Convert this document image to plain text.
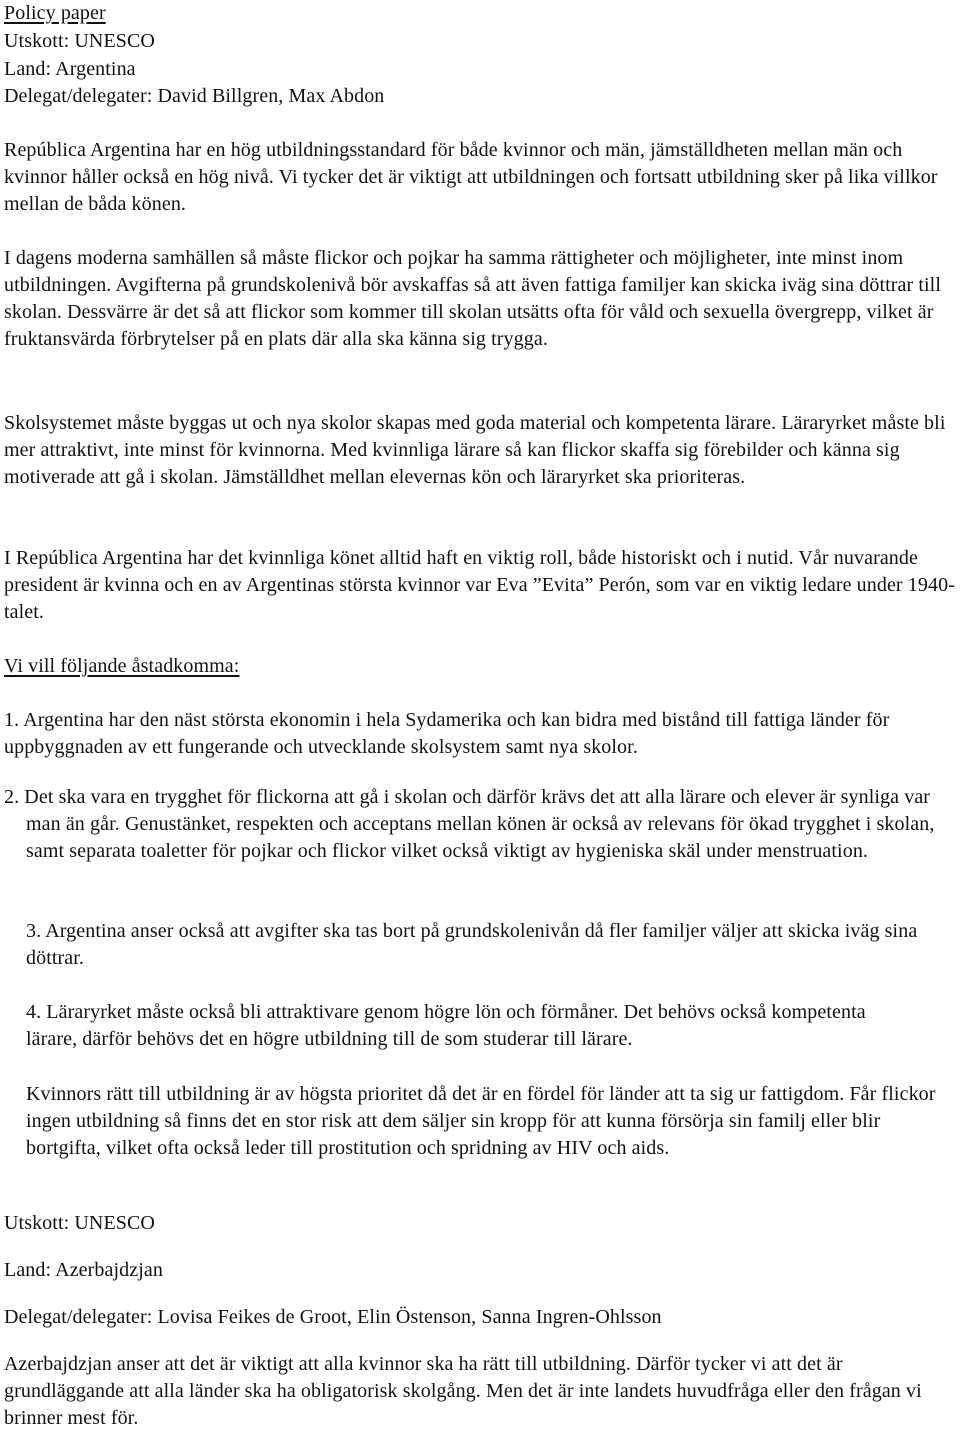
Policy paper
Utskott: UNESCO
Land: Argentina
Delegat/delegater: David Billgren, Max Abdon

República Argentina har en hög utbildningsstandard för både kvinnor och män, jämställdheten mellan män och kvinnor håller också en hög nivå. Vi tycker det är viktigt att utbildningen och fortsatt utbildning sker på lika villkor mellan de båda könen.

I dagens moderna samhällen så måste flickor och pojkar ha samma rättigheter och möjligheter, inte minst inom utbildningen. Avgifterna på grundskolenivå bör avskaffas så att även fattiga familjer kan skicka iväg sina döttrar till skolan. Dessvärre är det så att flickor som kommer till skolan utsätts ofta för våld och sexuella övergrepp, vilket är fruktansvärda förbrytelser på en plats där alla ska känna sig trygga.

Skolsystemet måste byggas ut och nya skolor skapas med goda material och kompetenta lärare. Läraryrket måste bli mer attraktivt, inte minst för kvinnorna. Med kvinnliga lärare så kan flickor skaffa sig förebilder och känna sig motiverade att gå i skolan. Jämställdhet mellan elevernas kön och läraryrket ska prioriteras.

I República Argentina har det kvinnliga könet alltid haft en viktig roll, både historiskt och i nutid. Vår nuvarande president är kvinna och en av Argentinas största kvinnor var Eva ”Evita” Perón, som var en viktig ledare under 1940-talet.

Vi vill följande åstadkomma:

1. Argentina har den näst största ekonomin i hela Sydamerika och kan bidra med bistånd till fattiga länder för uppbyggnaden av ett fungerande och utvecklande skolsystem samt nya skolor.

2. Det ska vara en trygghet för flickorna att gå i skolan och därför krävs det att alla lärare och elever är synliga var man än går. Genustänket, respekten och acceptans mellan könen är också av relevans för ökad trygghet i skolan, samt separata toaletter för pojkar och flickor vilket också viktigt av hygieniska skäl under menstruation.

3. Argentina anser också att avgifter ska tas bort på grundskolenivån då fler familjer väljer att skicka iväg sina döttrar.

4. Läraryrket måste också bli attraktivare genom högre lön och förmåner. Det behövs också kompetenta lärare, därför behövs det en högre utbildning till de som studerar till lärare.

Kvinnors rätt till utbildning är av högsta prioritet då det är en fördel för länder att ta sig ur fattigdom. Får flickor ingen utbildning så finns det en stor risk att dem säljer sin kropp för att kunna försörja sin familj eller blir bortgifta, vilket ofta också leder till prostitution och spridning av HIV och aids.

Utskott: UNESCO
Land: Azerbajdzjan
Delegat/delegater: Lovisa Feikes de Groot, Elin Östenson, Sanna Ingren-Ohlsson

Azerbajdzjan anser att det är viktigt att alla kvinnor ska ha rätt till utbildning. Därför tycker vi att det är grundläggande att alla länder ska ha obligatorisk skolgång. Men det är inte landets huvudfråga eller den frågan vi brinner mest för.
